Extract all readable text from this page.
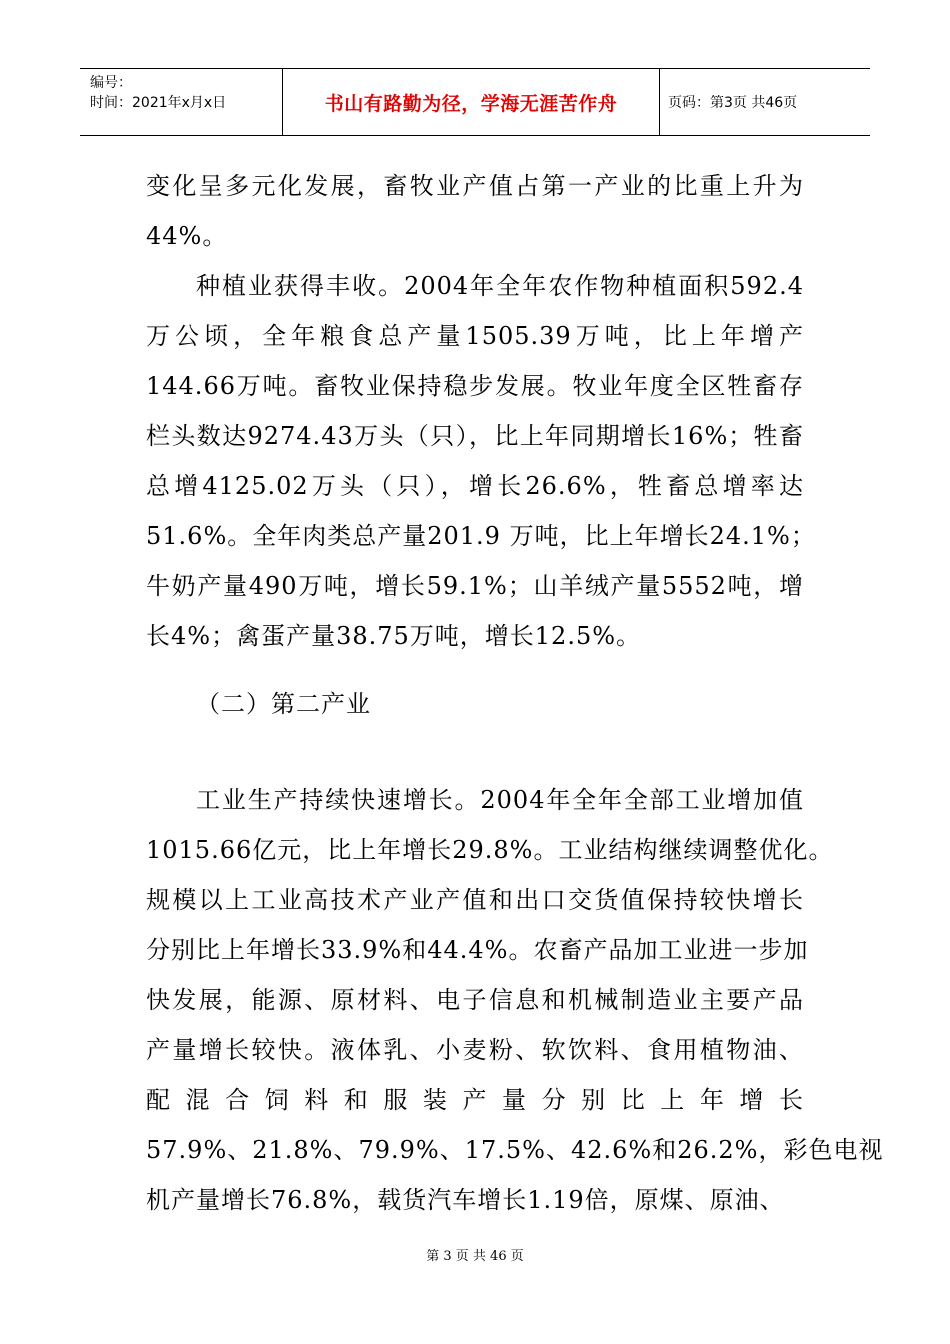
编号：
时间：2021年x月x日	书山有路勤为径，学海无涯苦作舟	页码：第3页 共46页
变化呈多元化发展，畜牧业产值占第一产业的比重上升为
44%。
种植业获得丰收。2004年全年农作物种植面积592.4
万公顷，全年粮食总产量1505.39万吨，比上年增产
144.66万吨。畜牧业保持稳步发展。牧业年度全区牲畜存
栏头数达9274.43万头（只），比上年同期增长16%；牲畜
总增4125.02万头（只），增长26.6%，牲畜总增率达
51.6%。全年肉类总产量201.9 万吨，比上年增长24.1%；
牛奶产量490万吨，增长59.1%；山羊绒产量5552吨，增
长4%；禽蛋产量38.75万吨，增长12.5%。
（二）第二产业
工业生产持续快速增长。2004年全年全部工业增加值
1015.66亿元，比上年增长29.8%。工业结构继续调整优化。
规模以上工业高技术产业产值和出口交货值保持较快增长
分别比上年增长33.9%和44.4%。农畜产品加工业进一步加
快发展，能源、原材料、电子信息和机械制造业主要产品
产量增长较快。液体乳、小麦粉、软饮料、食用植物油、
配混合饲料和服装产量分别比上年增长
57.9%、21.8%、79.9%、17.5%、42.6%和26.2%，彩色电视
机产量增长76.8%，载货汽车增长1.19倍，原煤、原油、
第 3 页 共 46 页
